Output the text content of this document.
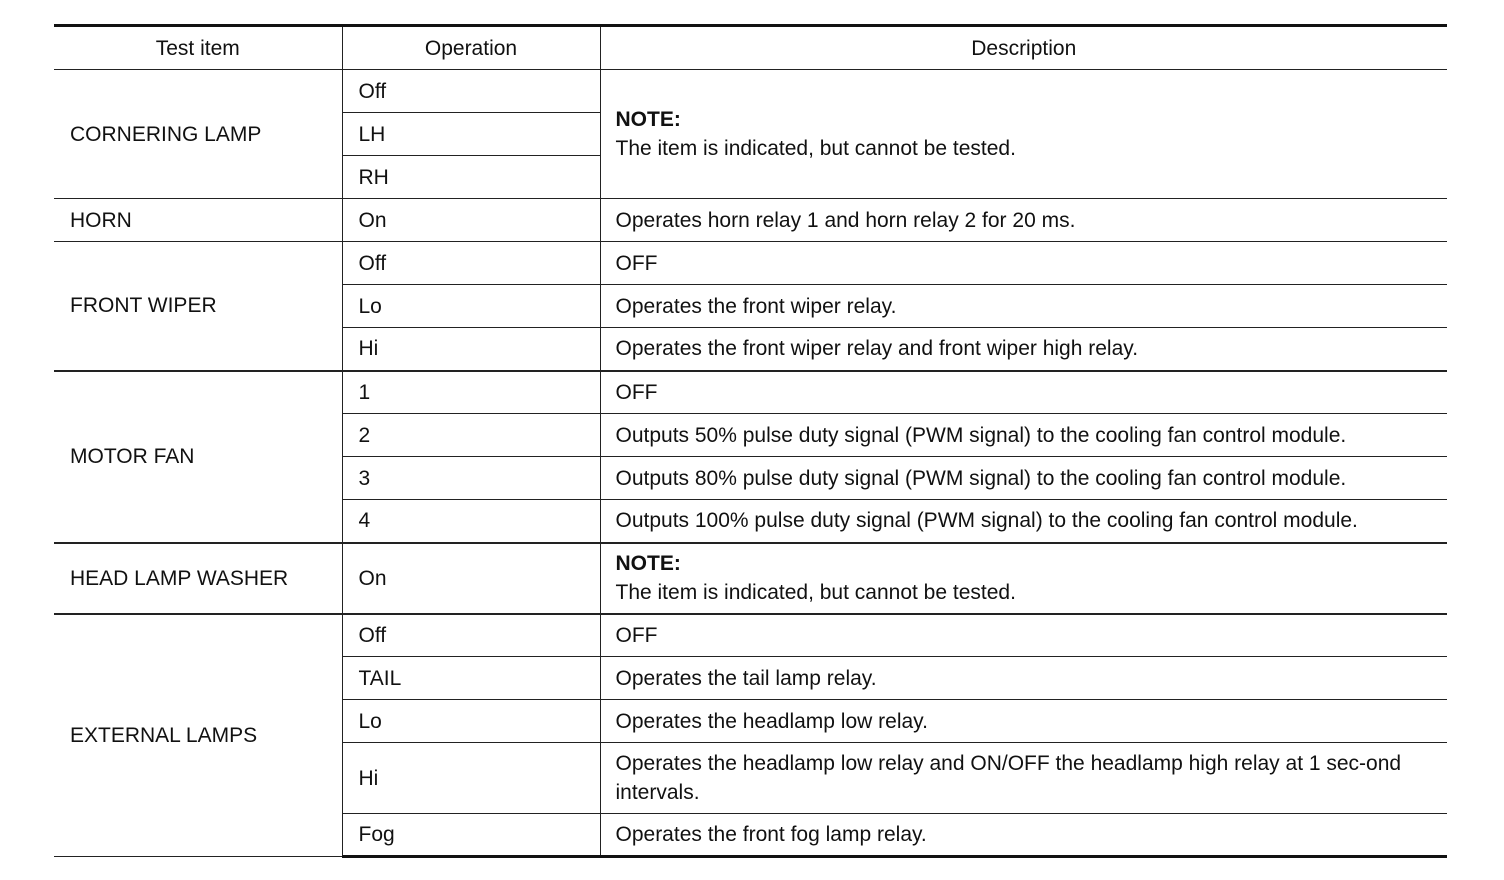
Test item	Operation	Description
CORNERING LAMP	Off	NOTE:
The item is indicated, but cannot be tested.

	LH	
	RH	
HORN	On	Operates horn relay 1 and horn relay 2 for 20 ms.
FRONT WIPER	Off	OFF
	Lo	Operates the front wiper relay.
	Hi	Operates the front wiper relay and front wiper high relay.
MOTOR FAN	1	OFF
	2	Outputs 50% pulse duty signal (PWM signal) to the cooling fan control module.
	3	Outputs 80% pulse duty signal (PWM signal) to the cooling fan control module.
	4	Outputs 100% pulse duty signal (PWM signal) to the cooling fan control module.
HEAD LAMP WASHER	On	NOTE:
The item is indicated, but cannot be tested.

EXTERNAL LAMPS	Off	OFF
	TAIL	Operates the tail lamp relay.
	Lo	Operates the headlamp low relay.
	Hi	Operates the headlamp low relay and ON/OFF the headlamp high relay at 1 sec-ond intervals.
	Fog	Operates the front fog lamp relay.
